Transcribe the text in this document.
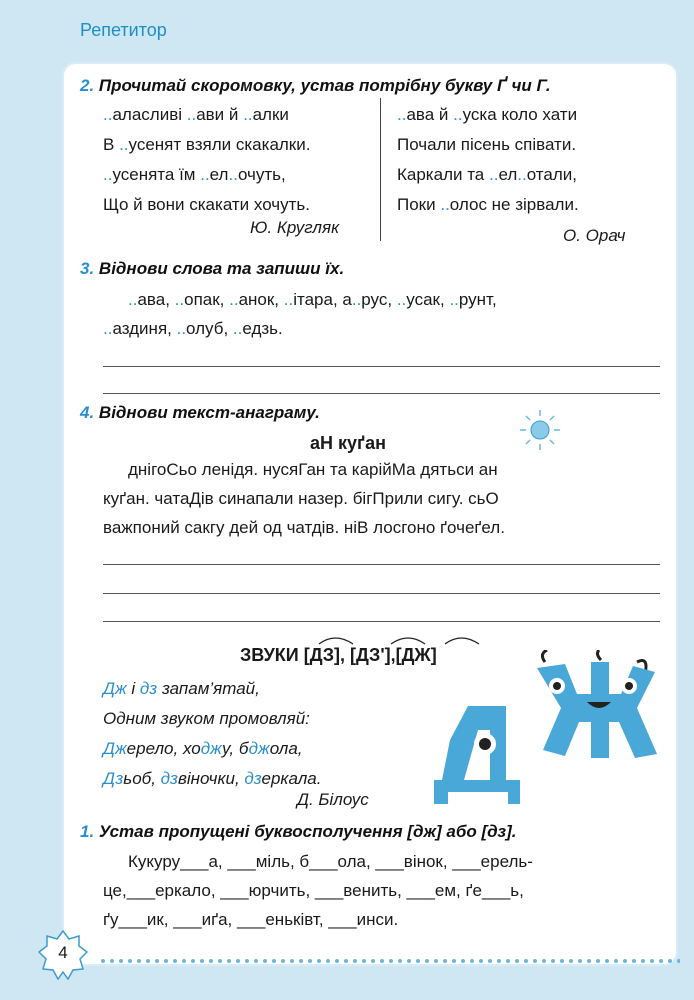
Репетитор
2. Прочитай скоромовку, устав потрібну букву Ґ чи Г.
..аласливі ..ави й ..алки
В ..усенят взяли скакалки.
..усенята їм ..ел..очуть,
Що й вони скакати хочуть.
Ю. Кругляк
..ава й ..уска коло хати
Почали пісень співати.
Каркали та ..ел..отали,
Поки ..олос не зірвали.
О. Орач
3. Віднови слова та запиши їх.
..ава, ..опак, ..анок, ..ітара, а..рус, ..усак, ..рунт,
..аздиня, ..олуб, ..едзь.
4. Віднови текст-анаграму.
аН куґан
днігоСьо ленідя. нусяГан та карійМа дятьси ан
куґан. чатаДів синапали назер. бігПрили сигу. сьО
важпоний сакгу дей од чатдів. ніВ лосгоно ґочеґел.
ЗВУКИ [ДЗ], [ДЗ'],[ДЖ]
Дж і дз запам’ятай,
Одним звуком промовляй:
Джерело, ходжу, бджола,
Дзьоб, дзвіночки, дзеркала.
Д. Білоус
1. Устав пропущені буквосполучення [дж] або [дз].
Кукуру___а, ___міль, б___ола, ___вінок, ___ерель-
це,___еркало, ___юрчить, ___венить, ___ем, ґе___ь,
ґу___ик, ___иґа, ___еньківт, ___инси.
4
